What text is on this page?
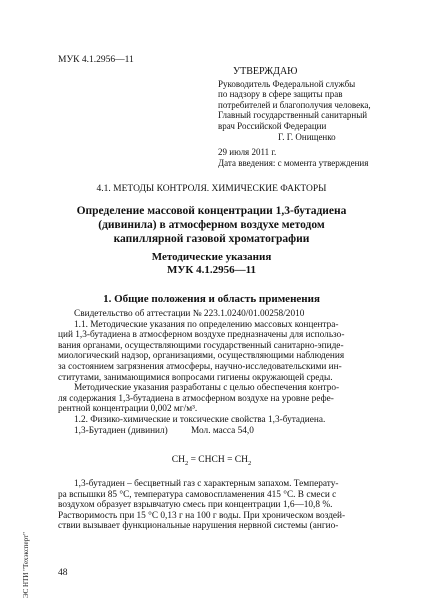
МУК 4.1.2956—11
УТВЕРЖДАЮ
Руководитель Федеральной службы
по надзору в сфере защиты прав
потребителей и благополучия человека,
Главный государственный санитарный
врач Российской Федерации
Г. Г. Онищенко
29 июля 2011 г.
Дата введения: с момента утверждения
4.1. МЕТОДЫ КОНТРОЛЯ. ХИМИЧЕСКИЕ ФАКТОРЫ
Определение массовой концентрации 1,3-бутадиена
(дивинила) в атмосферном воздухе методом
капиллярной газовой хроматографии
Методические указания
МУК 4.1.2956—11
1. Общие положения и область применения

Свидетельство об аттестации № 223.1.0240/01.00258/2010

1.1. Методические указания по определению массовых концентра-

ций 1,3-бутадиена в атмосферном воздухе предназначены для использо-

вания органами, осуществляющими государственный санитарно-эпиде-

миологический надзор, организациями, осуществляющими наблюдения

за состоянием загрязнения атмосферы, научно-исследовательскими ин-

ститутами, занимающимися вопросами гигиены окружающей среды.

Методические указания разработаны с целью обеспечения контро-

ля содержания 1,3-бутадиена в атмосферном воздухе на уровне рефе-

рентной концентрации 0,002 мг/м³.

1.2. Физико-химические и токсические свойства 1,3-бутадиена.

1,3-Бутадиен (дивинил)          Мол. масса 54,0

$CH_2$ = CHCH = $CH_2$

1,3-бутадиен – бесцветный газ с характерным запахом. Температу-

ра вспышки 85 °С, температура самовоспламенения 415 °С. В смеси с

воздухом образует взрывчатую смесь при концентрации 1,6—10,8 %.

Растворимость при 15 °С 0,13 г на 100 г воды. При хроническом воздей-

ствии вызывает функциональные нарушения нервной системы (ангио-

48
ЭС НТИ "Техэксперт"
